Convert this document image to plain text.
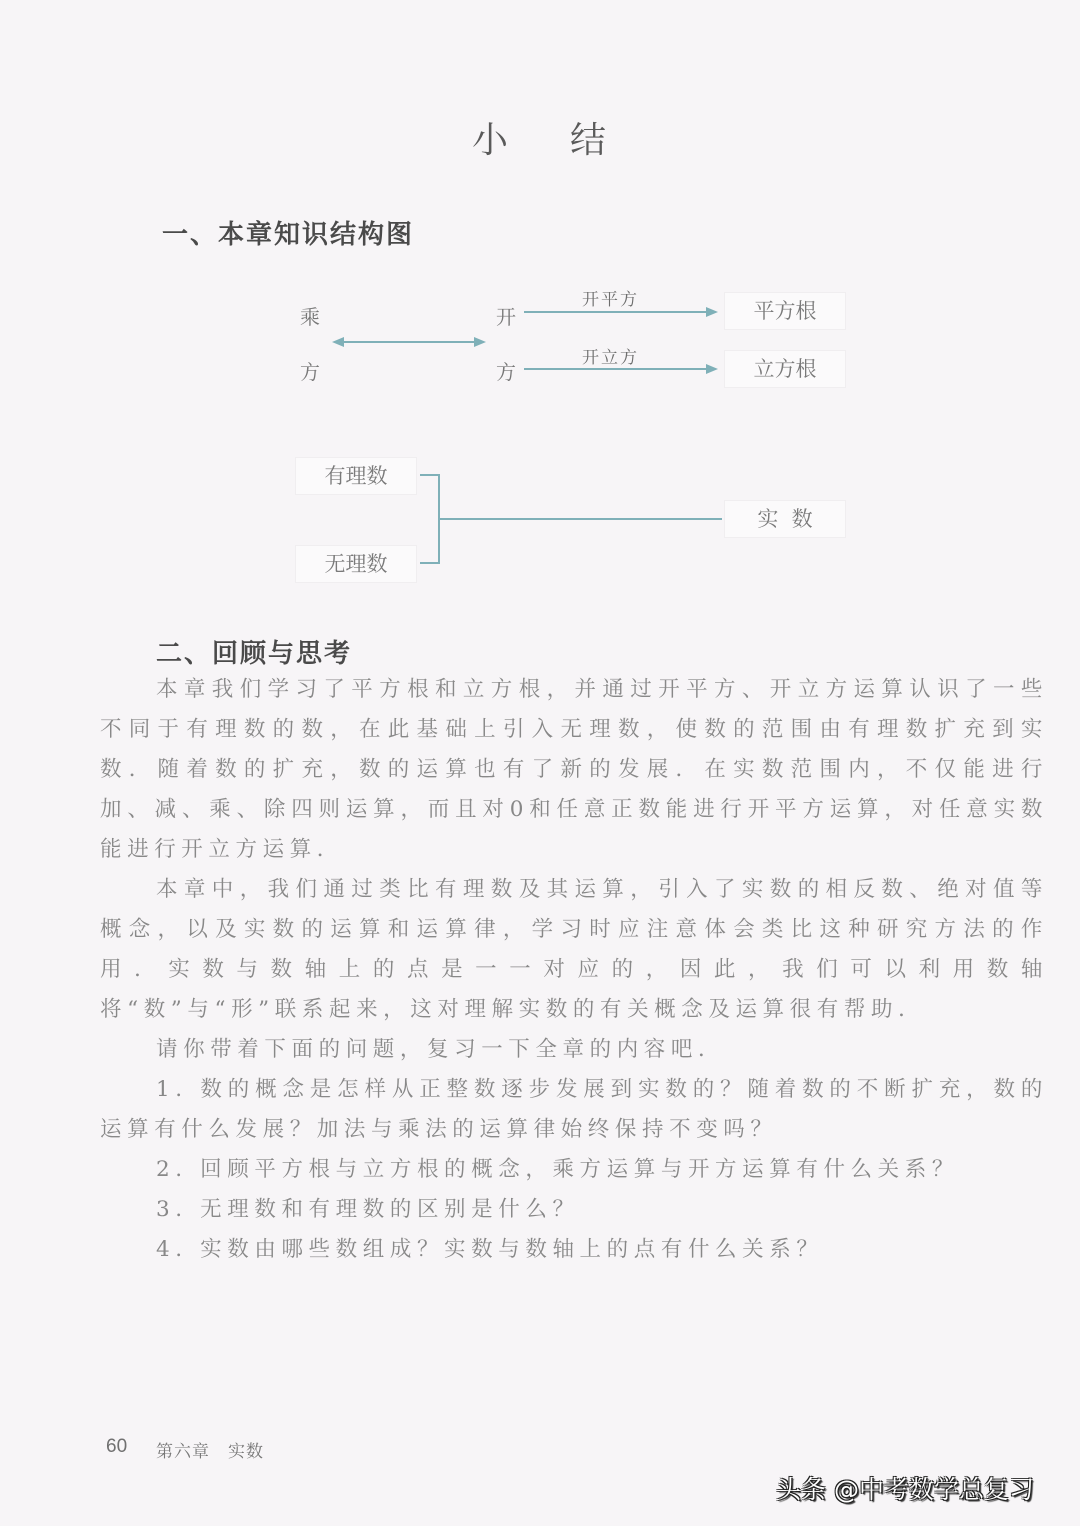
小结
一、本章知识结构图
乘
方
开
方
开平方
开立方
平方根
立方根
有理数
无理数
实  数
二、回顾与思考

本章我们学习了平方根和立方根，并通过开平方、开立方运算认识了一些不同于有理数的数，在此基础上引入无理数，使数的范围由有理数扩充到实数．随着数的扩充，数的运算也有了新的发展．在实数范围内，不仅能进行加、减、乘、除四则运算，而且对0和任意正数能进行开平方运算，对任意实数能进行开立方运算．

本章中，我们通过类比有理数及其运算，引入了实数的相反数、绝对值等概念，以及实数的运算和运算律，学习时应注意体会类比这种研究方法的作用．实数与数轴上的点是一一对应的，因此，我们可以利用数轴将“数”与“形”联系起来，这对理解实数的有关概念及运算很有帮助．

请你带着下面的问题，复习一下全章的内容吧．

1. 数的概念是怎样从正整数逐步发展到实数的？随着数的不断扩充，数的运算有什么发展？加法与乘法的运算律始终保持不变吗？

2. 回顾平方根与立方根的概念，乘方运算与开方运算有什么关系？

3. 无理数和有理数的区别是什么？

4. 实数由哪些数组成？实数与数轴上的点有什么关系？

60 第六章　实数
头条 @中考数学总复习
